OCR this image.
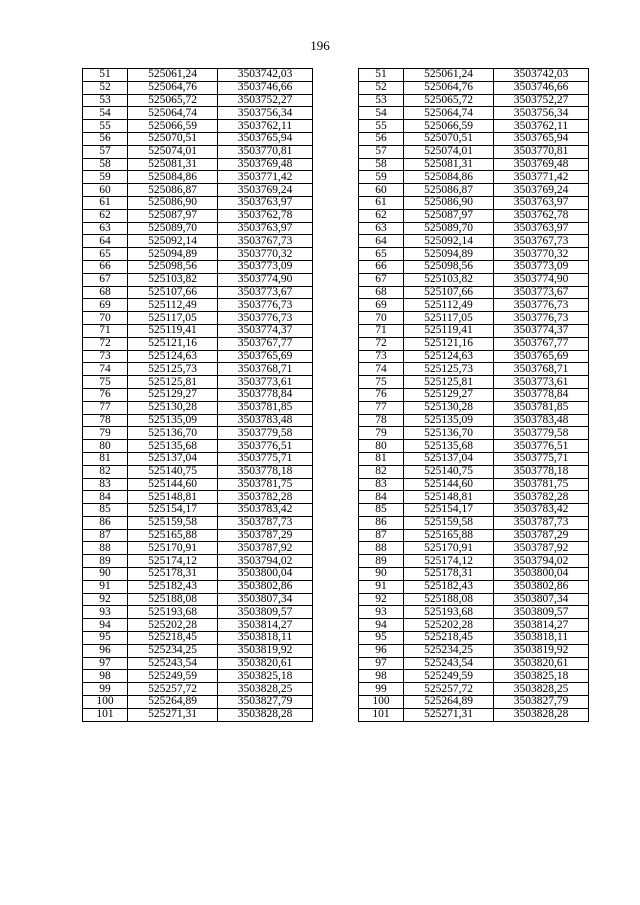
196
51	525061,24	3503742,03
52	525064,76	3503746,66
53	525065,72	3503752,27
54	525064,74	3503756,34
55	525066,59	3503762,11
56	525070,51	3503765,94
57	525074,01	3503770,81
58	525081,31	3503769,48
59	525084,86	3503771,42
60	525086,87	3503769,24
61	525086,90	3503763,97
62	525087,97	3503762,78
63	525089,70	3503763,97
64	525092,14	3503767,73
65	525094,89	3503770,32
66	525098,56	3503773,09
67	525103,82	3503774,90
68	525107,66	3503773,67
69	525112,49	3503776,73
70	525117,05	3503776,73
71	525119,41	3503774,37
72	525121,16	3503767,77
73	525124,63	3503765,69
74	525125,73	3503768,71
75	525125,81	3503773,61
76	525129,27	3503778,84
77	525130,28	3503781,85
78	525135,09	3503783,48
79	525136,70	3503779,58
80	525135,68	3503776,51
81	525137,04	3503775,71
82	525140,75	3503778,18
83	525144,60	3503781,75
84	525148,81	3503782,28
85	525154,17	3503783,42
86	525159,58	3503787,73
87	525165,88	3503787,29
88	525170,91	3503787,92
89	525174,12	3503794,02
90	525178,31	3503800,04
91	525182,43	3503802,86
92	525188,08	3503807,34
93	525193,68	3503809,57
94	525202,28	3503814,27
95	525218,45	3503818,11
96	525234,25	3503819,92
97	525243,54	3503820,61
98	525249,59	3503825,18
99	525257,72	3503828,25
100	525264,89	3503827,79
101	525271,31	3503828,28
51	525061,24	3503742,03
52	525064,76	3503746,66
53	525065,72	3503752,27
54	525064,74	3503756,34
55	525066,59	3503762,11
56	525070,51	3503765,94
57	525074,01	3503770,81
58	525081,31	3503769,48
59	525084,86	3503771,42
60	525086,87	3503769,24
61	525086,90	3503763,97
62	525087,97	3503762,78
63	525089,70	3503763,97
64	525092,14	3503767,73
65	525094,89	3503770,32
66	525098,56	3503773,09
67	525103,82	3503774,90
68	525107,66	3503773,67
69	525112,49	3503776,73
70	525117,05	3503776,73
71	525119,41	3503774,37
72	525121,16	3503767,77
73	525124,63	3503765,69
74	525125,73	3503768,71
75	525125,81	3503773,61
76	525129,27	3503778,84
77	525130,28	3503781,85
78	525135,09	3503783,48
79	525136,70	3503779,58
80	525135,68	3503776,51
81	525137,04	3503775,71
82	525140,75	3503778,18
83	525144,60	3503781,75
84	525148,81	3503782,28
85	525154,17	3503783,42
86	525159,58	3503787,73
87	525165,88	3503787,29
88	525170,91	3503787,92
89	525174,12	3503794,02
90	525178,31	3503800,04
91	525182,43	3503802,86
92	525188,08	3503807,34
93	525193,68	3503809,57
94	525202,28	3503814,27
95	525218,45	3503818,11
96	525234,25	3503819,92
97	525243,54	3503820,61
98	525249,59	3503825,18
99	525257,72	3503828,25
100	525264,89	3503827,79
101	525271,31	3503828,28
